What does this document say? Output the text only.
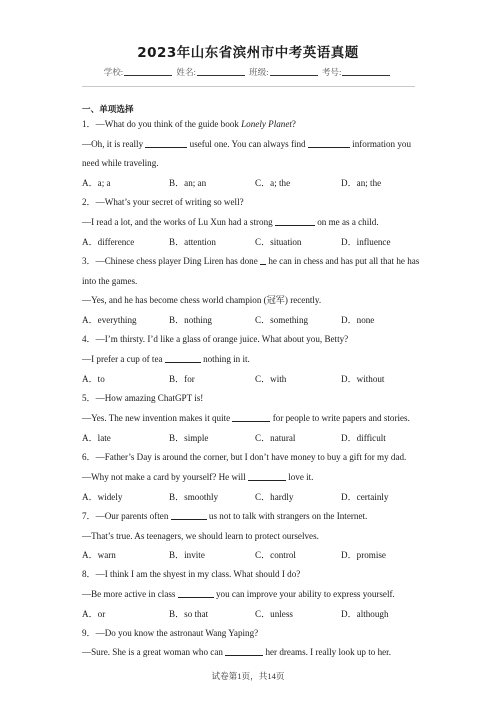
2023年山东省滨州市中考英语真题
学校:	姓名:	班级:	考号:
一、单项选择
1．—What do you think of the guide book Lonely Planet?
—Oh, it is really	useful one. You can always find	information you
need while traveling.
A．a; a	B．an; an	C．a; the	D．an; the
2．—What’s your secret of writing so well?
—I read a lot, and the works of Lu Xun had a strong	on me as a child.
A．difference	B．attention	C．situation	D．influence
3．—Chinese chess player Ding Liren has done  he can in chess and has put all that he has
into the games.
—Yes, and he has become chess world champion (冠军) recently.
A．everything	B．nothing	C．something	D．none
4．—I’m thirsty. I’d like a glass of orange juice. What about you, Betty?
—I prefer a cup of tea	nothing in it.
A．to	B．for	C．with	D．without
5．—How amazing ChatGPT is!
—Yes. The new invention makes it quite	for people to write papers and stories.
A．late	B．simple	C．natural	D．difficult
6．—Father’s Day is around the corner, but I don’t have money to buy a gift for my dad.
—Why not make a card by yourself? He will	love it.
A．widely	B．smoothly	C．hardly	D．certainly
7．—Our parents often	us not to talk with strangers on the Internet.
—That’s true. As teenagers, we should learn to protect ourselves.
A．warn	B．invite	C．control	D．promise
8．—I think I am the shyest in my class. What should I do?
—Be more active in class	you can improve your ability to express yourself.
A．or	B．so that	C．unless	D．although
9．—Do you know the astronaut Wang Yaping?
—Sure. She is a great woman who can	her dreams. I really look up to her.
试卷第1页，共14页
